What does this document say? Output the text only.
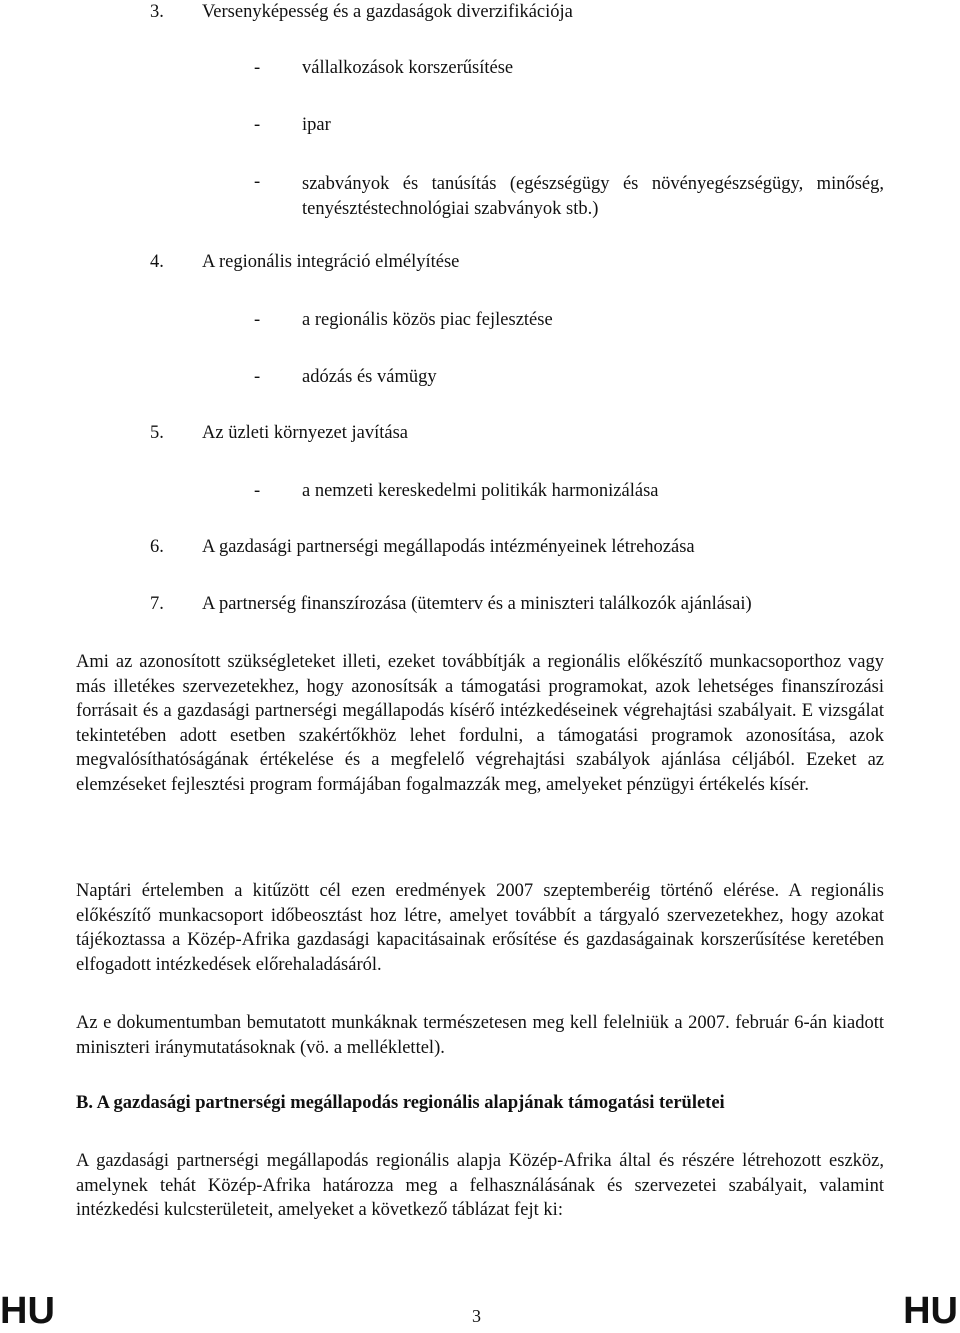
3. Versenyképesség és a gazdaságok diverzifikációja
- vállalkozások korszerűsítése
- ipar
- szabványok és tanúsítás (egészségügy és növényegészségügy, minőség, tenyésztéstechnológiai szabványok stb.)
4. A regionális integráció elmélyítése
- a regionális közös piac fejlesztése
- adózás és vámügy
5. Az üzleti környezet javítása
- a nemzeti kereskedelmi politikák harmonizálása
6. A gazdasági partnerségi megállapodás intézményeinek létrehozása
7. A partnerség finanszírozása (ütemterv és a miniszteri találkozók ajánlásai)
Ami az azonosított szükségleteket illeti, ezeket továbbítják a regionális előkészítő munkacsoporthoz vagy más illetékes szervezetekhez, hogy azonosítsák a támogatási programokat, azok lehetséges finanszírozási forrásait és a gazdasági partnerségi megállapodás kísérő intézkedéseinek végrehajtási szabályait. E vizsgálat tekintetében adott esetben szakértőkhöz lehet fordulni, a támogatási programok azonosítása, azok megvalósíthatóságának értékelése és a megfelelő végrehajtási szabályok ajánlása céljából. Ezeket az elemzéseket fejlesztési program formájában fogalmazzák meg, amelyeket pénzügyi értékelés kísér.
Naptári értelemben a kitűzött cél ezen eredmények 2007 szeptemberéig történő elérése. A regionális előkészítő munkacsoport időbeosztást hoz létre, amelyet továbbít a tárgyaló szervezetekhez, hogy azokat tájékoztassa a Közép-Afrika gazdasági kapacitásainak erősítése és gazdaságainak korszerűsítése keretében elfogadott intézkedések előrehaladásáról.
Az e dokumentumban bemutatott munkáknak természetesen meg kell felelniük a 2007. február 6-án kiadott miniszteri iránymutatásoknak (vö. a melléklettel).
B. A gazdasági partnerségi megállapodás regionális alapjának támogatási területei
A gazdasági partnerségi megállapodás regionális alapja Közép-Afrika által és részére létrehozott eszköz, amelynek tehát Közép-Afrika határozza meg a felhasználásának és szervezetei szabályait, valamint intézkedési kulcsterületeit, amelyeket a következő táblázat fejt ki:
HU	3	HU
